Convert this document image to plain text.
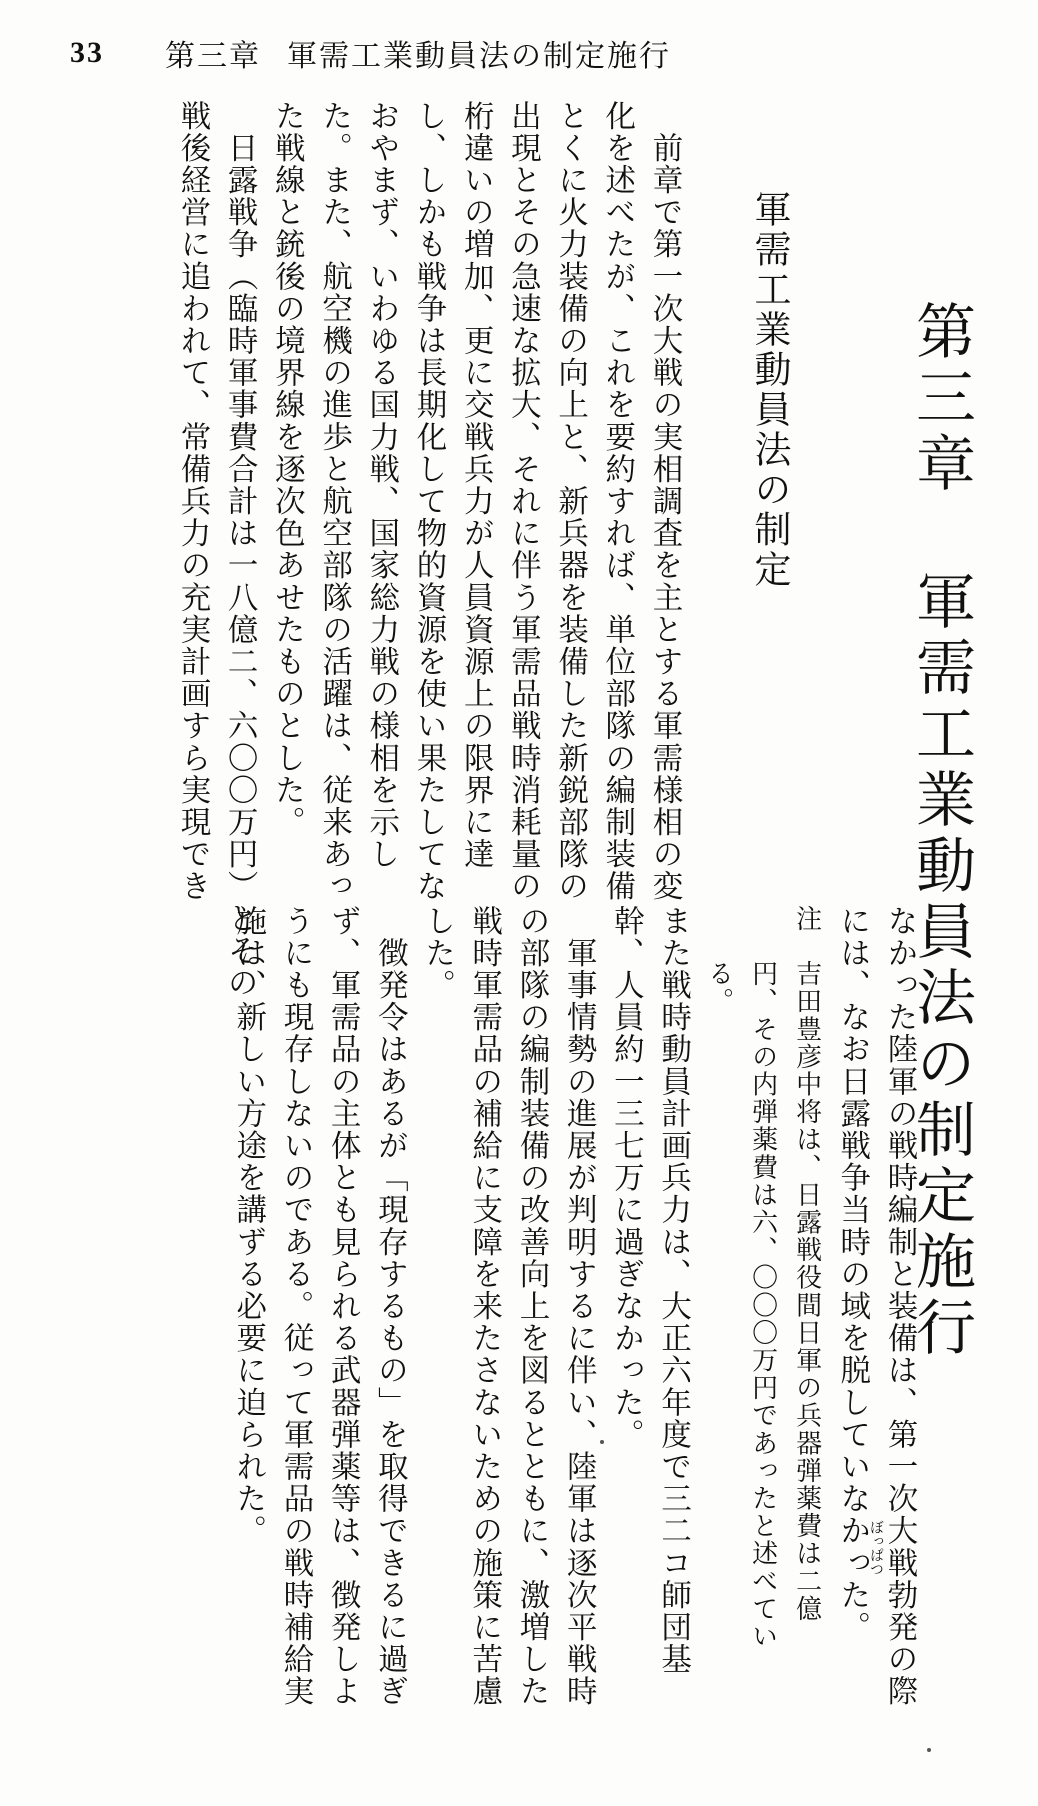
33	第三章 軍需工業動員法の制定施行
第三章軍需工業動員法の制定施行
軍需工業動員法の制定
　前章で第一次大戦の実相調査を主とする軍需様相の変
化を述べたが、これを要約すれば、単位部隊の編制装備
とくに火力装備の向上と、新兵器を装備した新鋭部隊の
出現とその急速な拡大、それに伴う軍需品戦時消耗量の
桁違いの増加、更に交戦兵力が人員資源上の限界に達
し、しかも戦争は長期化して物的資源を使い果たしてな
おやまず、いわゆる国力戦、国家総力戦の様相を示し
た。また、航空機の進歩と航空部隊の活躍は、従来あっ
た戦線と銃後の境界線を逐次色あせたものとした。
　日露戦争（臨時軍事費合計は一八億二、六〇〇万円）とその
戦後経営に追われて、常備兵力の充実計画すら実現でき
なかった陸軍の戦時編制と装備は、第一次大戦勃発の際
には、なお日露戦争当時の域を脱していなかった。
注　吉田豊彦中将は、日露戦役間日軍の兵器弾薬費は二億
　　円、その内弾薬費は六、〇〇〇万円であったと述べてい
　　る。
また戦時動員計画兵力は、大正六年度で三二コ師団基
幹、人員約一三七万に過ぎなかった。
　軍事情勢の進展が判明するに伴い、陸軍は逐次平戦時
の部隊の編制装備の改善向上を図るとともに、激増した
戦時軍需品の補給に支障を来たさないための施策に苦慮
した。
　徴発令はあるが「現存するもの」を取得できるに過ぎ
ず、軍需品の主体とも見られる武器弾薬等は、徴発しよ
うにも現存しないのである。従って軍需品の戦時補給実
施は、新しい方途を講ずる必要に迫られた。
ぼっぱつ
